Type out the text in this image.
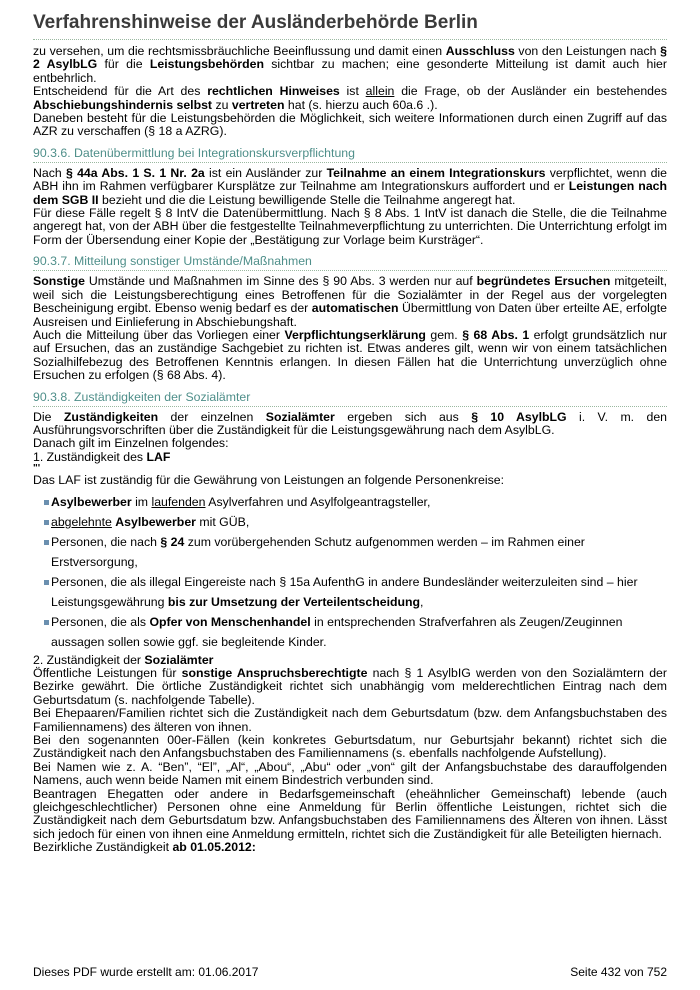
Verfahrenshinweise der Ausländerbehörde Berlin

zu versehen, um die rechtsmissbräuchliche Beeinflussung und damit einen Ausschluss von den Leistungen nach § 2 AsylbLG für die Leistungsbehörden sichtbar zu machen; eine gesonderte Mitteilung ist damit auch hier entbehrlich.

Entscheidend für die Art des rechtlichen Hinweises ist allein die Frage, ob der Ausländer ein bestehendes Abschiebungshindernis selbst zu vertreten hat (s. hierzu auch 60a.6 .).

Daneben besteht für die Leistungsbehörden die Möglichkeit, sich weitere Informationen durch einen Zugriff auf das AZR zu verschaffen (§ 18 a AZRG).

90.3.6. Datenübermittlung bei Integrationskursverpflichtung

Nach § 44a Abs. 1 S. 1 Nr. 2a ist ein Ausländer zur Teilnahme an einem Integrationskurs verpflichtet, wenn die ABH ihn im Rahmen verfügbarer Kursplätze zur Teilnahme am Integrationskurs auffordert und er Leistungen nach dem SGB II bezieht und die die Leistung bewilligende Stelle die Teilnahme angeregt hat.

Für diese Fälle regelt § 8 IntV die Datenübermittlung. Nach § 8 Abs. 1 IntV ist danach die Stelle, die die Teilnahme angeregt hat, von der ABH über die festgestellte Teilnahmeverpflichtung zu unterrichten. Die Unterrichtung erfolgt im Form der Übersendung einer Kopie der „Bestätigung zur Vorlage beim Kursträger“.

90.3.7. Mitteilung sonstiger Umstände/Maßnahmen

Sonstige Umstände und Maßnahmen im Sinne des § 90 Abs. 3 werden nur auf begründetes Ersuchen mitgeteilt, weil sich die Leistungsberechtigung eines Betroffenen für die Sozialämter in der Regel aus der vorgelegten Bescheinigung ergibt. Ebenso wenig bedarf es der automatischen Übermittlung von Daten über erteilte AE, erfolgte Ausreisen und Einlieferung in Abschiebungshaft.

Auch die Mitteilung über das Vorliegen einer Verpflichtungserklärung gem. § 68 Abs. 1 erfolgt grundsätzlich nur auf Ersuchen, das an zuständige Sachgebiet zu richten ist. Etwas anderes gilt, wenn wir von einem tatsächlichen Sozialhilfebezug des Betroffenen Kenntnis erlangen. In diesen Fällen hat die Unterrichtung unverzüglich ohne Ersuchen zu erfolgen (§ 68 Abs. 4).

90.3.8. Zuständigkeiten der Sozialämter

Die Zuständigkeiten der einzelnen Sozialämter ergeben sich aus § 10 AsylbLG i. V. m. den Ausführungsvorschriften über die Zuständigkeit für die Leistungsgewährung nach dem AsylbLG.

Danach gilt im Einzelnen folgendes:

1. Zuständigkeit des LAF

"'

Das LAF ist zuständig für die Gewährung von Leistungen an folgende Personenkreise:

Asylbewerber im laufenden Asylverfahren und Asylfolgeantragsteller,
abgelehnte Asylbewerber mit GÜB,
Personen, die nach § 24 zum vorübergehenden Schutz aufgenommen werden – im Rahmen einer Erstversorgung,
Personen, die als illegal Eingereiste nach § 15a AufenthG in andere Bundesländer weiterzuleiten sind – hier Leistungsgewährung bis zur Umsetzung der Verteilentscheidung,
Personen, die als Opfer von Menschenhandel in entsprechenden Strafverfahren als Zeugen/Zeuginnen aussagen sollen sowie ggf. sie begleitende Kinder.

2. Zuständigkeit der Sozialämter

Öffentliche Leistungen für sonstige Anspruchsberechtigte nach § 1 AsylbIG werden von den Sozialämtern der Bezirke gewährt. Die örtliche Zuständigkeit richtet sich unabhängig vom melderechtlichen Eintrag nach dem Geburtsdatum (s. nachfolgende Tabelle).

Bei Ehepaaren/Familien richtet sich die Zuständigkeit nach dem Geburtsdatum (bzw. dem Anfangsbuchstaben des Familiennamens) des älteren von ihnen.

Bei den sogenannten 00er-Fällen (kein konkretes Geburtsdatum, nur Geburtsjahr bekannt) richtet sich die Zuständigkeit nach den Anfangsbuchstaben des Familiennamens (s. ebenfalls nachfolgende Aufstellung).

Bei Namen wie z. A. “Ben”, “El”, „Al“, „Abou“, „Abu“ oder „von“ gilt der Anfangsbuchstabe des darauffolgenden Namens, auch wenn beide Namen mit einem Bindestrich verbunden sind.

Beantragen Ehegatten oder andere in Bedarfsgemeinschaft (eheähnlicher Gemeinschaft) lebende (auch gleichgeschlechtlicher) Personen ohne eine Anmeldung für Berlin öffentliche Leistungen, richtet sich die Zuständigkeit nach dem Geburtsdatum bzw. Anfangsbuchstaben des Familiennamens des Älteren von ihnen. Lässt sich jedoch für einen von ihnen eine Anmeldung ermitteln, richtet sich die Zuständigkeit für alle Beteiligten hiernach.

Bezirkliche Zuständigkeit ab 01.05.2012:

Dieses PDF wurde erstellt am: 01.06.2017	Seite 432 von 752
